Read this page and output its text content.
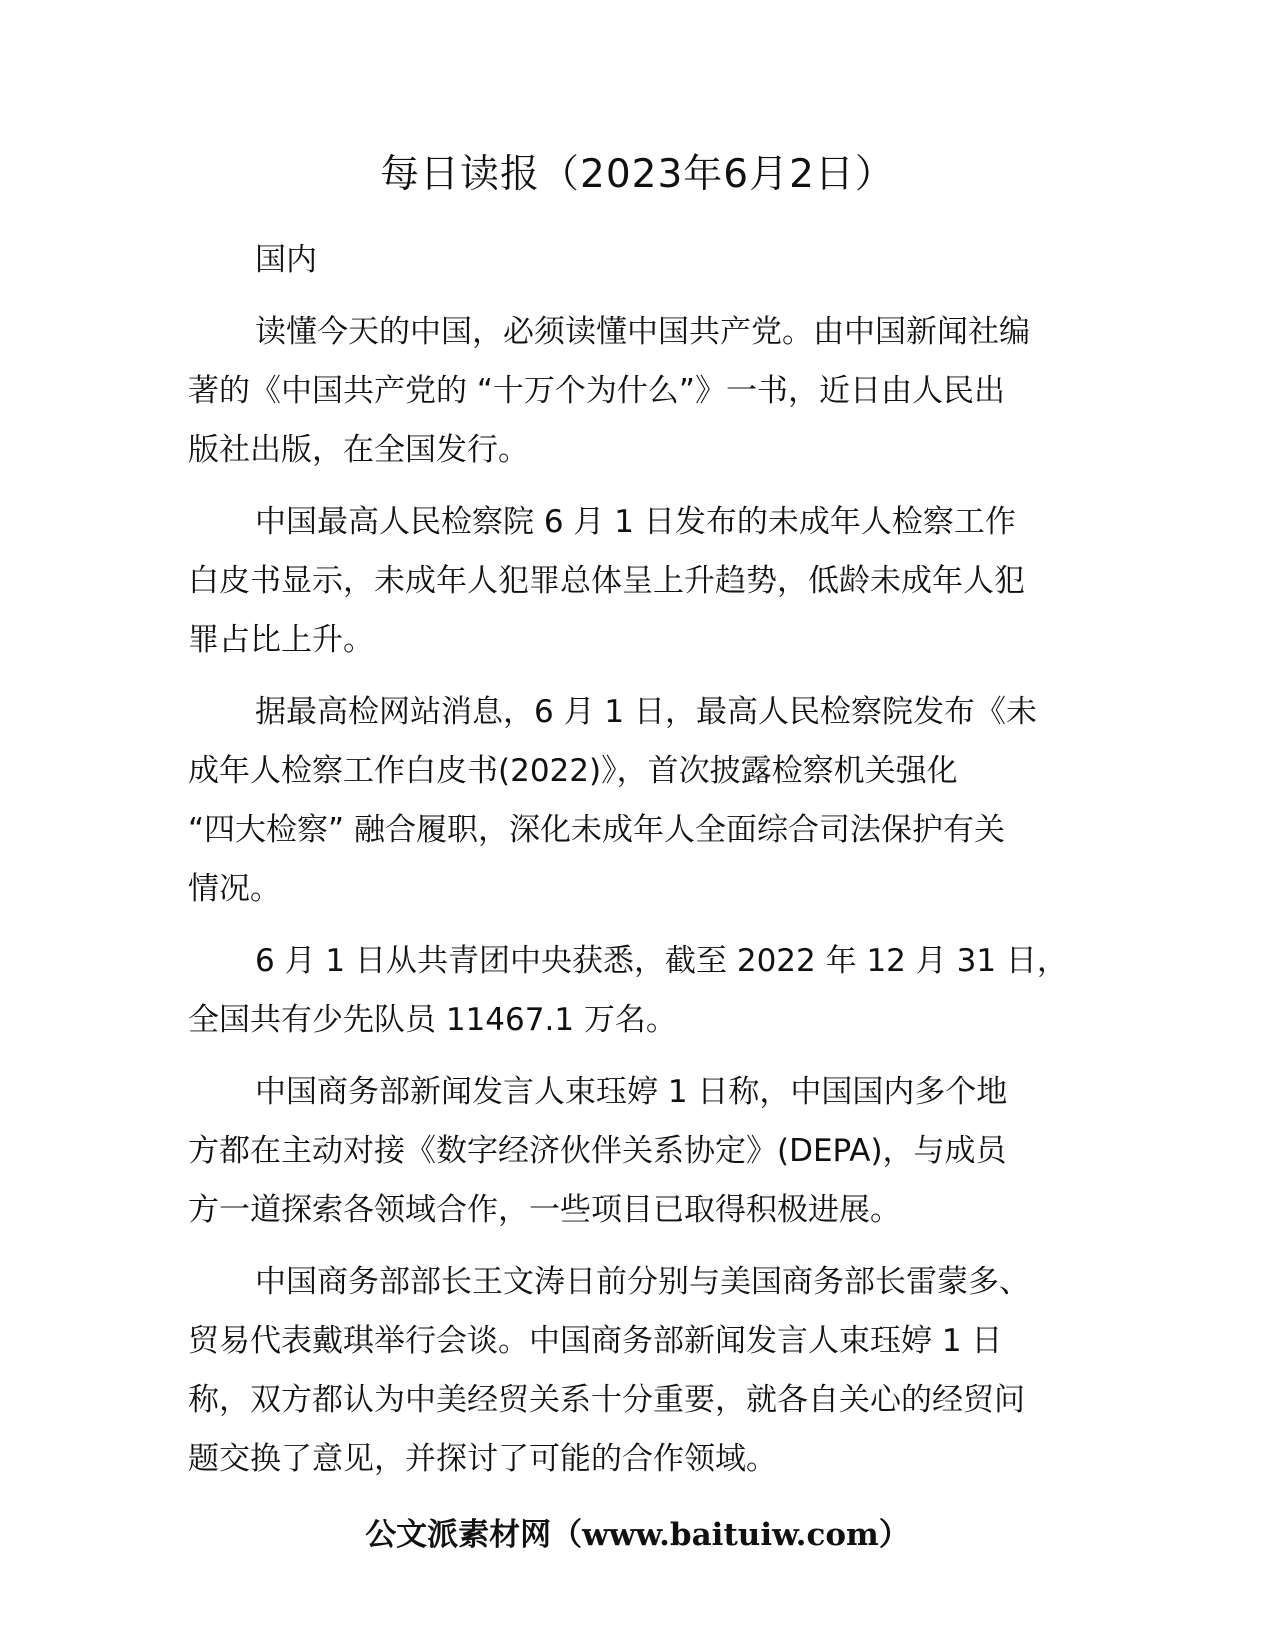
每日读报（2023年6月2日）

国内

读懂今天的中国，必须读懂中国共产党。由中国新闻社编
著的《中国共产党的 “十万个为什么”》一书，近日由人民出
版社出版，在全国发行。

中国最高人民检察院 6 月 1 日发布的未成年人检察工作
白皮书显示，未成年人犯罪总体呈上升趋势，低龄未成年人犯
罪占比上升。

据最高检网站消息，6 月 1 日，最高人民检察院发布《未
成年人检察工作白皮书(2022)》，首次披露检察机关强化
“四大检察” 融合履职，深化未成年人全面综合司法保护有关
情况。

6 月 1 日从共青团中央获悉，截至 2022 年 12 月 31 日，
全国共有少先队员 11467.1 万名。

中国商务部新闻发言人束珏婷 1 日称，中国国内多个地
方都在主动对接《数字经济伙伴关系协定》(DEPA)，与成员
方一道探索各领域合作，一些项目已取得积极进展。

中国商务部部长王文涛日前分别与美国商务部长雷蒙多、
贸易代表戴琪举行会谈。中国商务部新闻发言人束珏婷 1 日
称，双方都认为中美经贸关系十分重要，就各自关心的经贸问
题交换了意见，并探讨了可能的合作领域。

公文派素材网（www.baituiw.com）
